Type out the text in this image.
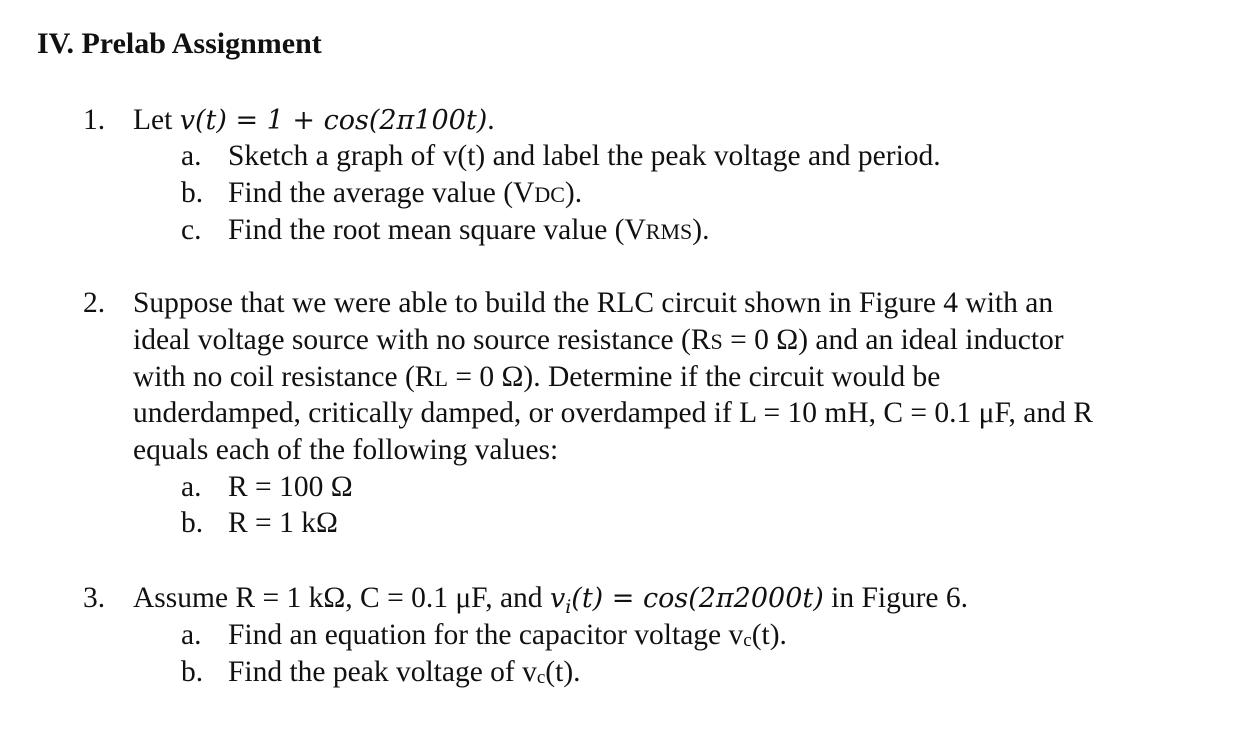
IV. Prelab Assignment
1. Let v(t) = 1 + cos(2π100t).
a. Sketch a graph of v(t) and label the peak voltage and period.
b. Find the average value (VDC).
c. Find the root mean square value (VRMS).
2. Suppose that we were able to build the RLC circuit shown in Figure 4 with an
ideal voltage source with no source resistance (RS = 0 Ω) and an ideal inductor
with no coil resistance (RL = 0 Ω). Determine if the circuit would be
underdamped, critically damped, or overdamped if L = 10 mH, C = 0.1 μF, and R
equals each of the following values:
a. R = 100 Ω
b. R = 1 kΩ
3. Assume R = 1 kΩ, C = 0.1 μF, and $v_i(t) = \cos(2\pi 2000t)$ in Figure 6.
a. Find an equation for the capacitor voltage vc(t).
b. Find the peak voltage of vc(t).
